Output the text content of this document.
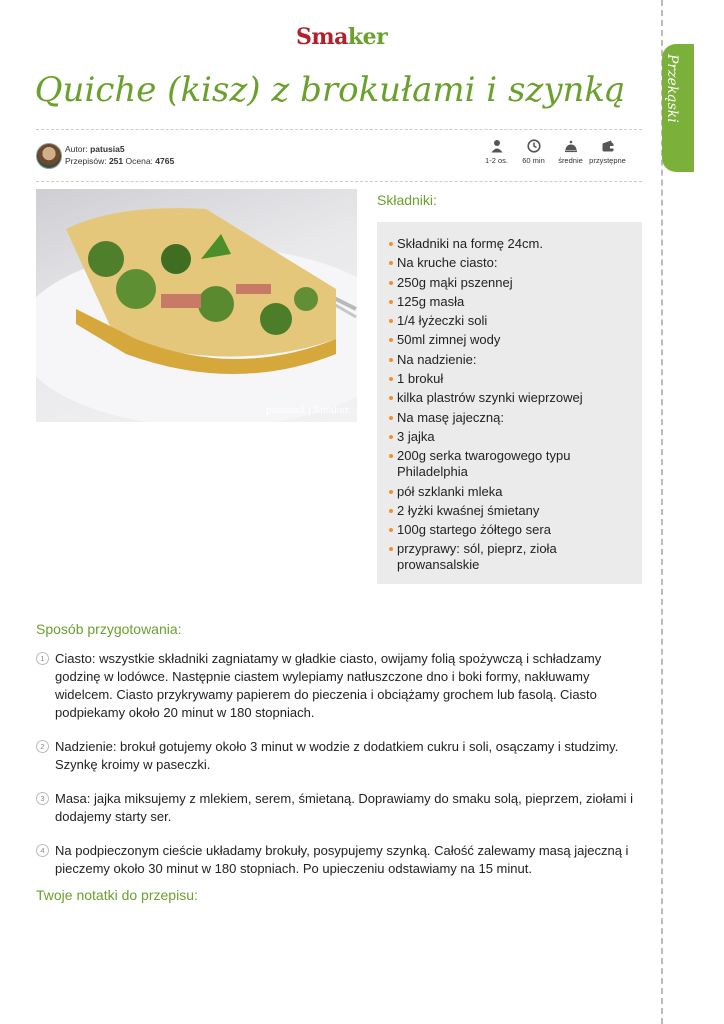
Smaker
Przekąski
Quiche (kisz) z brokułami i szynką
Autor: patusia5
Przepisów: 251 Ocena: 4765	1-2 os.	60 min	średnie przystępne
patusia5 | Smaker
Składniki:
Składniki na formę 24cm.
Na kruche ciasto:
250g mąki pszennej
125g masła
1/4 łyżeczki soli
50ml zimnej wody
Na nadzienie:
1 brokuł
kilka plastrów szynki wieprzowej
Na masę jajeczną:
3 jajka
200g serka twarogowego typu Philadelphia
pół szklanki mleka
2 łyżki kwaśnej śmietany
100g startego żółtego sera
przyprawy: sól, pieprz, zioła prowansalskie
Sposób przygotowania:
1 Ciasto: wszystkie składniki zagniatamy w gładkie ciasto, owijamy folią spożywczą i schładzamy godzinę w lodówce. Następnie ciastem wylepiamy natłuszczone dno i boki formy, nakłuwamy widelcem. Ciasto przykrywamy papierem do pieczenia i obciążamy grochem lub fasolą. Ciasto podpiekamy około 20 minut w 180 stopniach.
2 Nadzienie: brokuł gotujemy około 3 minut w wodzie z dodatkiem cukru i soli, osączamy i studzimy. Szynkę kroimy w paseczki.
3 Masa: jajka miksujemy z mlekiem, serem, śmietaną. Doprawiamy do smaku solą, pieprzem, ziołami i dodajemy starty ser.
4 Na podpieczonym cieście układamy brokuły, posypujemy szynką. Całość zalewamy masą jajeczną i pieczemy około 30 minut w 180 stopniach. Po upieczeniu odstawiamy na 15 minut.
Twoje notatki do przepisu:
